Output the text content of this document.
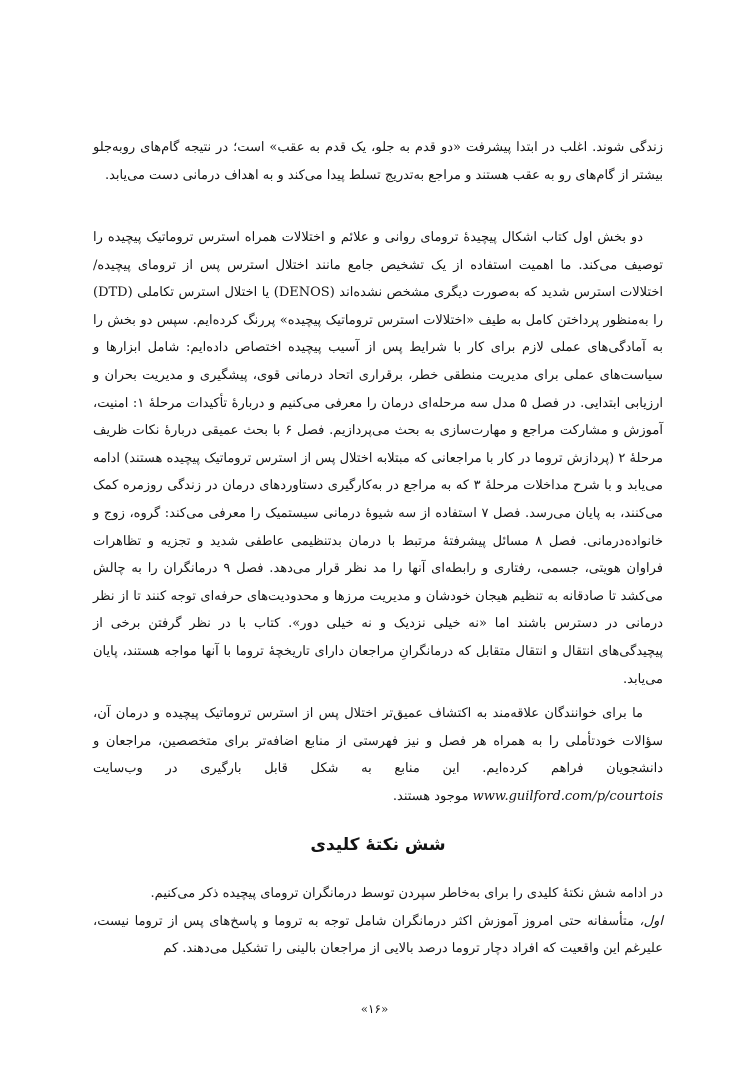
زندگی شوند. اغلب در ابتدا پیشرفت «دو قدم به جلو، یک قدم به عقب» است؛ در نتیجه گام‌های روبه‌جلو بیشتر از گام‌های رو به عقب هستند و مراجع به‌تدریج تسلط پیدا می‌کند و به اهداف درمانی دست می‌یابد.

دو بخش اول کتاب اشکال پیچیدهٔ ترومای روانی و علائم و اختلالات همراه استرس تروماتیک پیچیده را توصیف می‌کند. ما اهمیت استفاده از یک تشخیص جامع مانند اختلال استرس پس از ترومای پیچیده/ اختلالات استرس شدید که به‌صورت دیگری مشخص نشده‌اند (DENOS) یا اختلال استرس تکاملی (DTD) را به‌منظور پرداختن کامل به طیف «اختلالات استرس تروماتیک پیچیده» پررنگ کرده‌ایم. سپس دو بخش را به آمادگی‌های عملی لازم برای کار با شرایط پس از آسیب پیچیده اختصاص داده‌ایم: شامل ابزارها و سیاست‌های عملی برای مدیریت منطقی خطر، برقراری اتحاد درمانی قوی، پیشگیری و مدیریت بحران و ارزیابی ابتدایی. در فصل ۵ مدل سه مرحله‌ای درمان را معرفی می‌کنیم و دربارهٔ تأکیدات مرحلهٔ ۱: امنیت، آموزش و مشارکت مراجع و مهارت‌سازی به بحث می‌پردازیم. فصل ۶ با بحث عمیقی دربارهٔ نکات ظریف مرحلهٔ ۲ (پردازش تروما در کار با مراجعانی که مبتلابه اختلال پس از استرس تروماتیک پیچیده هستند) ادامه می‌یابد و با شرح مداخلات مرحلهٔ ۳ که به مراجع در به‌کارگیری دستاوردهای درمان در زندگی روزمره کمک می‌کنند، به پایان می‌رسد. فصل ۷ استفاده از سه شیوهٔ درمانی سیستمیک را معرفی می‌کند: گروه، زوج و خانواده‌درمانی. فصل ۸ مسائل پیشرفتهٔ مرتبط با درمان بدتنظیمی عاطفی شدید و تجزیه و تظاهرات فراوان هویتی، جسمی، رفتاری و رابطه‌ای آنها را مد نظر قرار می‌دهد. فصل ۹ درمانگران را به چالش می‌کشد تا صادقانه به تنظیم هیجان خودشان و مدیریت مرزها و محدودیت‌های حرفه‌ای توجه کنند تا از نظر درمانی در دسترس باشند اما «نه خیلی نزدیک و نه خیلی دور». کتاب با در نظر گرفتن برخی از پیچیدگی‌های انتقال و انتقال متقابل که درمانگرانِ مراجعان دارای تاریخچهٔ تروما با آنها مواجه هستند، پایان می‌یابد.

ما برای خوانندگان علاقه‌مند به اکتشاف عمیق‌تر اختلال پس از استرس تروماتیک پیچیده و درمان آن، سؤالات خودتأملی را به همراه هر فصل و نیز فهرستی از منابع اضافه‌تر برای متخصصین، مراجعان و دانشجویان فراهم کرده‌ایم. این منابع به شکل قابل بارگیری در وب‌سایت www.guilford.com/p/courtois موجود هستند.

شش نکتهٔ کلیدی

در ادامه شش نکتهٔ کلیدی را برای به‌خاطر سپردن توسط درمانگران ترومای پیچیده ذکر می‌کنیم.

اول، متأسفانه حتی امروز آموزش اکثر درمانگران شامل توجه به تروما و پاسخ‌های پس از تروما نیست، علیرغم این واقعیت که افراد دچار تروما درصد بالایی از مراجعان بالینی را تشکیل می‌دهند. کم

«۱۶»
